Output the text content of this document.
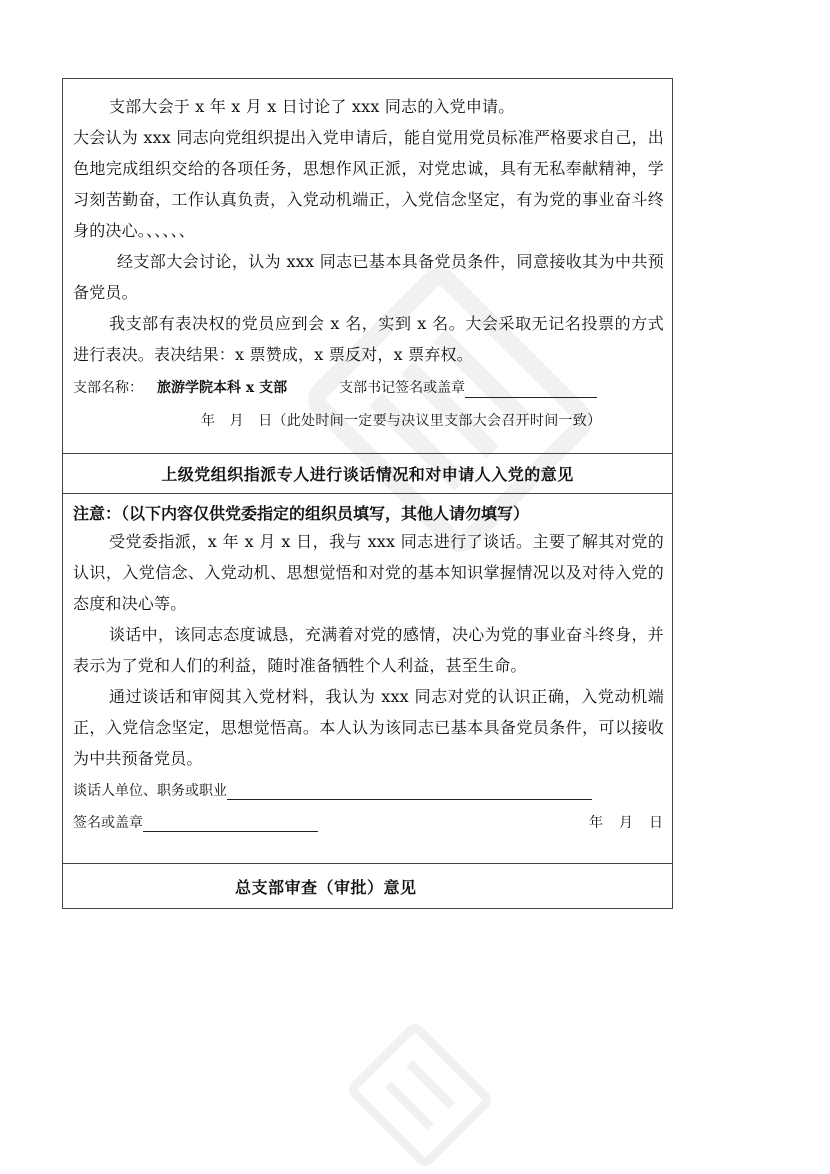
支部大会于 x 年 x 月 x 日讨论了 xxx 同志的入党申请。

大会认为 xxx 同志向党组织提出入党申请后，能自觉用党员标准严格要求自己，出色地完成组织交给的各项任务，思想作风正派，对党忠诚，具有无私奉献精神，学习刻苦勤奋，工作认真负责，入党动机端正，入党信念坚定，有为党的事业奋斗终身的决心。、、、、、

经支部大会讨论，认为 xxx 同志已基本具备党员条件，同意接收其为中共预备党员。

我支部有表决权的党员应到会 x 名，实到 x 名。大会采取无记名投票的方式进行表决。表决结果：x 票赞成，x 票反对，x 票弃权。

支部名称： 旅游学院本科 x 支部	支部书记签名或盖章
年　月　日（此处时间一定要与决议里支部大会召开时间一致）
上级党组织指派专人进行谈话情况和对申请人入党的意见
注意：（以下内容仅供党委指定的组织员填写，其他人请勿填写）

受党委指派，x 年 x 月 x 日，我与 xxx 同志进行了谈话。主要了解其对党的认识，入党信念、入党动机、思想觉悟和对党的基本知识掌握情况以及对待入党的态度和决心等。

谈话中，该同志态度诚恳，充满着对党的感情，决心为党的事业奋斗终身，并表示为了党和人们的利益，随时准备牺牲个人利益，甚至生命。

通过谈话和审阅其入党材料，我认为 xxx 同志对党的认识正确，入党动机端正，入党信念坚定，思想觉悟高。本人认为该同志已基本具备党员条件，可以接收为中共预备党员。

谈话人单位、职务或职业
签名或盖章	年　月　日
总支部审查（审批）意见
